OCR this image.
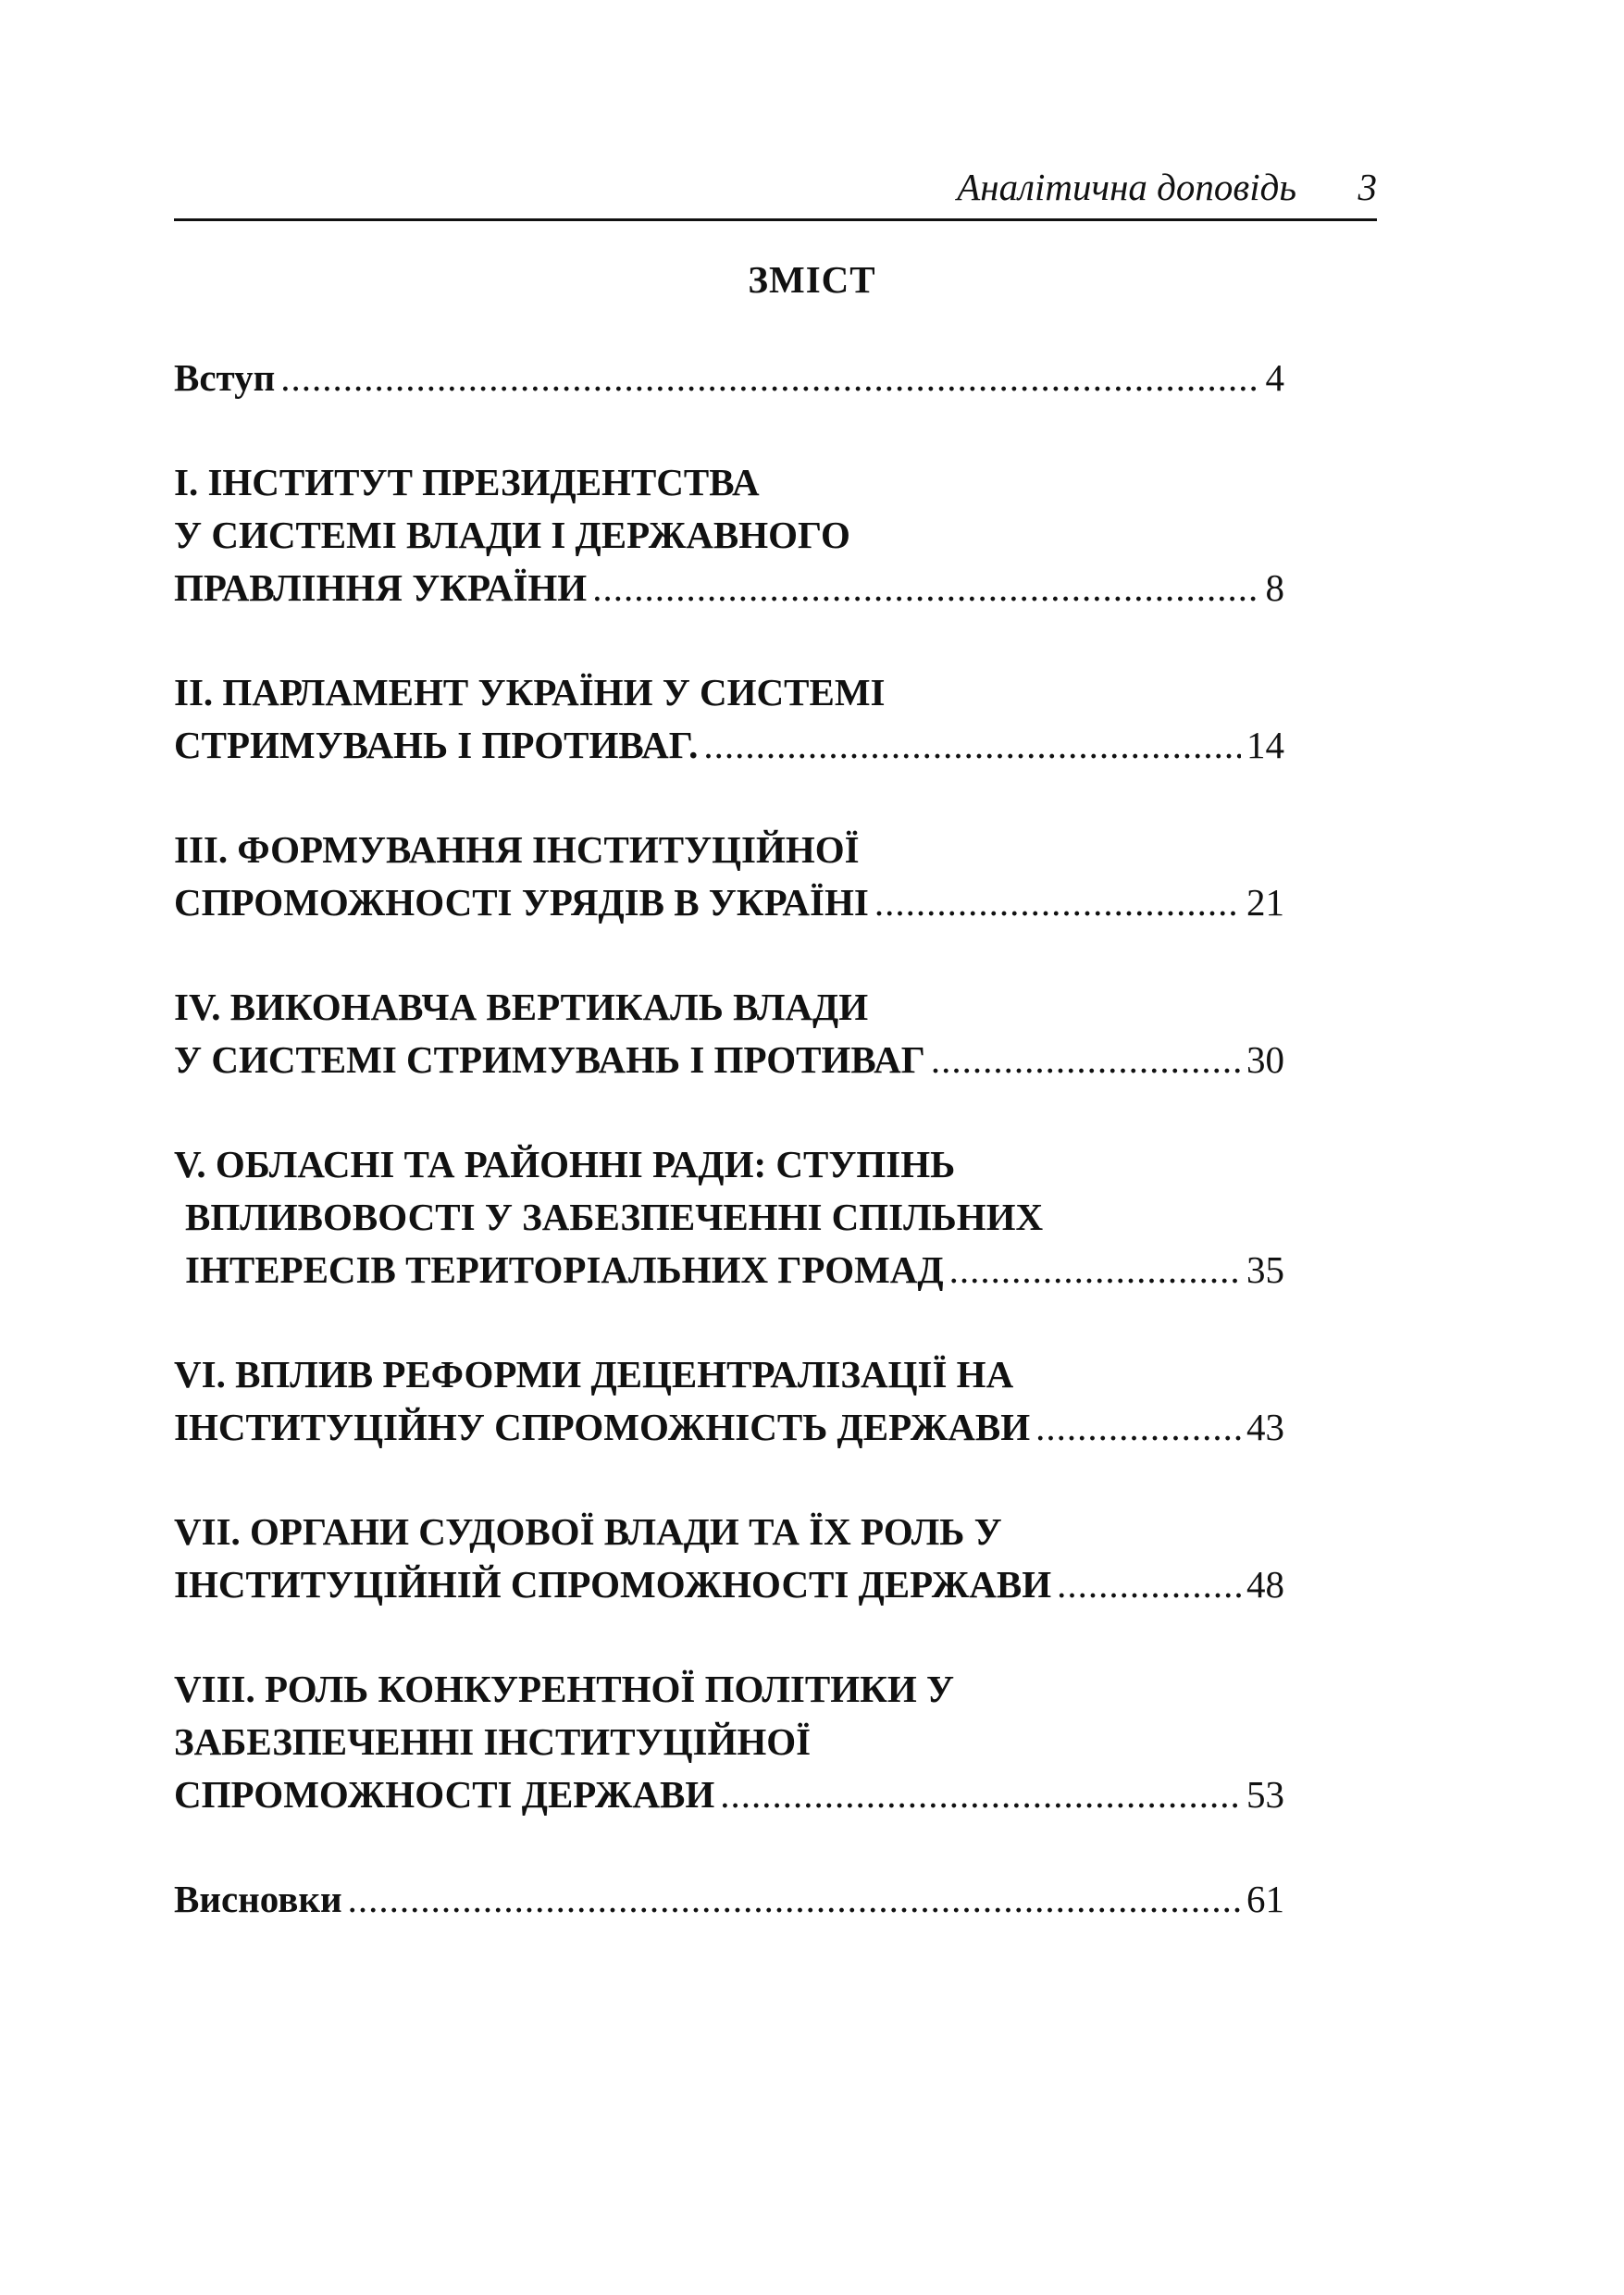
Аналітична доповідь 3
ЗМІСТ
Вступ .....	4
І. ІНСТИТУТ ПРЕЗИДЕНТСТВА
У СИСТЕМІ ВЛАДИ І ДЕРЖАВНОГО
ПРАВЛІННЯ УКРАЇНИ .....	8
ІІ. ПАРЛАМЕНТ УКРАЇНИ У СИСТЕМІ
СТРИМУВАНЬ І ПРОТИВАГ. .....	14
ІІІ. ФОРМУВАННЯ ІНСТИТУЦІЙНОЇ
СПРОМОЖНОСТІ УРЯДІВ В УКРАЇНІ .....	21
IV. ВИКОНАВЧА ВЕРТИКАЛЬ ВЛАДИ
У СИСТЕМІ СТРИМУВАНЬ І ПРОТИВАГ .....	30
V. ОБЛАСНІ ТА РАЙОННІ РАДИ: СТУПІНЬ
ВПЛИВОВОСТІ У ЗАБЕЗПЕЧЕННІ СПІЛЬНИХ
ІНТЕРЕСІВ ТЕРИТОРІАЛЬНИХ ГРОМАД .....	35
VI. ВПЛИВ РЕФОРМИ ДЕЦЕНТРАЛІЗАЦІЇ НА
ІНСТИТУЦІЙНУ СПРОМОЖНІСТЬ ДЕРЖАВИ .....	43
VII. ОРГАНИ СУДОВОЇ ВЛАДИ ТА ЇХ РОЛЬ У
ІНСТИТУЦІЙНІЙ СПРОМОЖНОСТІ ДЕРЖАВИ .....	48
VIII. РОЛЬ КОНКУРЕНТНОЇ ПОЛІТИКИ У
ЗАБЕЗПЕЧЕННІ ІНСТИТУЦІЙНОЇ
СПРОМОЖНОСТІ ДЕРЖАВИ .....	53
Висновки .....	61
